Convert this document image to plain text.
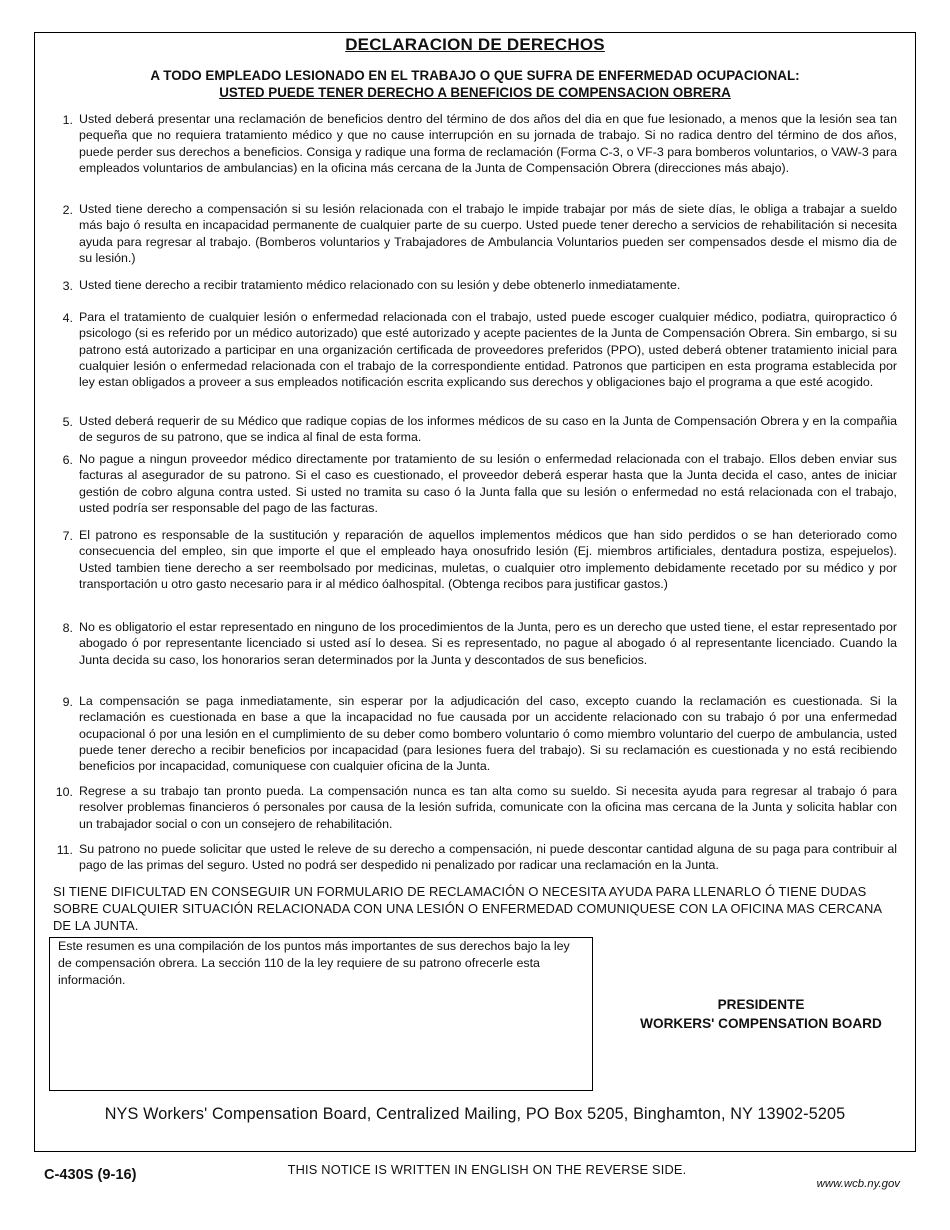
DECLARACION DE DERECHOS
A TODO EMPLEADO LESIONADO EN EL TRABAJO O QUE SUFRA DE ENFERMEDAD OCUPACIONAL:
USTED PUEDE TENER DERECHO A BENEFICIOS DE COMPENSACION OBRERA
1. Usted deberá presentar una reclamación de beneficios dentro del término de dos años del dia en que fue lesionado, a menos que la lesión sea tan pequeña que no requiera tratamiento médico y que no cause interrupción en su jornada de trabajo. Si no radica dentro del término de dos años, puede perder sus derechos a beneficios. Consiga y radique una forma de reclamación (Forma C-3, o VF-3 para bomberos voluntarios, o VAW-3 para empleados voluntarios de ambulancias) en la oficina más cercana de la Junta de Compensación Obrera (direcciones más abajo).
2. Usted tiene derecho a compensación si su lesión relacionada con el trabajo le impide trabajar por más de siete días, le obliga a trabajar a sueldo más bajo ó resulta en incapacidad permanente de cualquier parte de su cuerpo. Usted puede tener derecho a servicios de rehabilitación si necesita ayuda para regresar al trabajo. (Bomberos voluntarios y Trabajadores de Ambulancia Voluntarios pueden ser compensados desde el mismo dia de su lesión.)
3. Usted tiene derecho a recibir tratamiento médico relacionado con su lesión y debe obtenerlo inmediatamente.
4. Para el tratamiento de cualquier lesión o enfermedad relacionada con el trabajo, usted puede escoger cualquier médico, podiatra, quiropractico ó psicologo (si es referido por un médico autorizado) que esté autorizado y acepte pacientes de la Junta de Compensación Obrera. Sin embargo, si su patrono está autorizado a participar en una organización certificada de proveedores preferidos (PPO), usted deberá obtener tratamiento inicial para cualquier lesión o enfermedad relacionada con el trabajo de la correspondiente entidad. Patronos que participen en esta programa establecida por ley estan obligados a proveer a sus empleados notificación escrita explicando sus derechos y obligaciones bajo el programa a que esté acogido.
5. Usted deberá requerir de su Médico que radique copias de los informes médicos de su caso en la Junta de Compensación Obrera y en la compañia de seguros de su patrono, que se indica al final de esta forma.
6. No pague a ningun proveedor médico directamente por tratamiento de su lesión o enfermedad relacionada con el trabajo. Ellos deben enviar sus facturas al asegurador de su patrono. Si el caso es cuestionado, el proveedor deberá esperar hasta que la Junta decida el caso, antes de iniciar gestión de cobro alguna contra usted. Si usted no tramita su caso ó la Junta falla que su lesión o enfermedad no está relacionada con el trabajo, usted podría ser responsable del pago de las facturas.
7. El patrono es responsable de la sustitución y reparación de aquellos implementos médicos que han sido perdidos o se han deteriorado como consecuencia del empleo, sin que importe el que el empleado haya onosufrido lesión (Ej. miembros artificiales, dentadura postiza, espejuelos). Usted tambien tiene derecho a ser reembolsado por medicinas, muletas, o cualquier otro implemento debidamente recetado por su médico y por transportación u otro gasto necesario para ir al médico óalhospital. (Obtenga recibos para justificar gastos.)
8. No es obligatorio el estar representado en ninguno de los procedimientos de la Junta, pero es un derecho que usted tiene, el estar representado por abogado ó por representante licenciado si usted así lo desea. Si es representado, no pague al abogado ó al representante licenciado. Cuando la Junta decida su caso, los honorarios seran determinados por la Junta y descontados de sus beneficios.
9. La compensación se paga inmediatamente, sin esperar por la adjudicación del caso, excepto cuando la reclamación es cuestionada. Si la reclamación es cuestionada en base a que la incapacidad no fue causada por un accidente relacionado con su trabajo ó por una enfermedad ocupacional ó por una lesión en el cumplimiento de su deber como bombero voluntario ó como miembro voluntario del cuerpo de ambulancia, usted puede tener derecho a recibir beneficios por incapacidad (para lesiones fuera del trabajo). Si su reclamación es cuestionada y no está recibiendo beneficios por incapacidad, comuniquese con cualquier oficina de la Junta.
10. Regrese a su trabajo tan pronto pueda. La compensación nunca es tan alta como su sueldo. Si necesita ayuda para regresar al trabajo ó para resolver problemas financieros ó personales por causa de la lesión sufrida, comunicate con la oficina mas cercana de la Junta y solicita hablar con un trabajador social o con un consejero de rehabilitación.
11. Su patrono no puede solicitar que usted le releve de su derecho a compensación, ni puede descontar cantidad alguna de su paga para contribuir al pago de las primas del seguro. Usted no podrá ser despedido ni penalizado por radicar una reclamación en la Junta.
SI TIENE DIFICULTAD EN CONSEGUIR UN FORMULARIO DE RECLAMACIÓN O NECESITA AYUDA PARA LLENARLO Ó TIENE DUDAS SOBRE CUALQUIER SITUACIÓN RELACIONADA CON UNA LESIÓN O ENFERMEDAD COMUNIQUESE CON LA OFICINA MAS CERCANA DE LA JUNTA.
Este resumen es una compilación de los puntos más importantes de sus derechos bajo la ley de compensación obrera. La sección 110 de la ley requiere de su patrono ofrecerle esta información.
PRESIDENTE
WORKERS' COMPENSATION BOARD
NYS Workers' Compensation Board, Centralized Mailing, PO Box 5205, Binghamton, NY 13902-5205
C-430S (9-16)	THIS NOTICE IS WRITTEN IN ENGLISH ON THE REVERSE SIDE.
www.wcb.ny.gov
